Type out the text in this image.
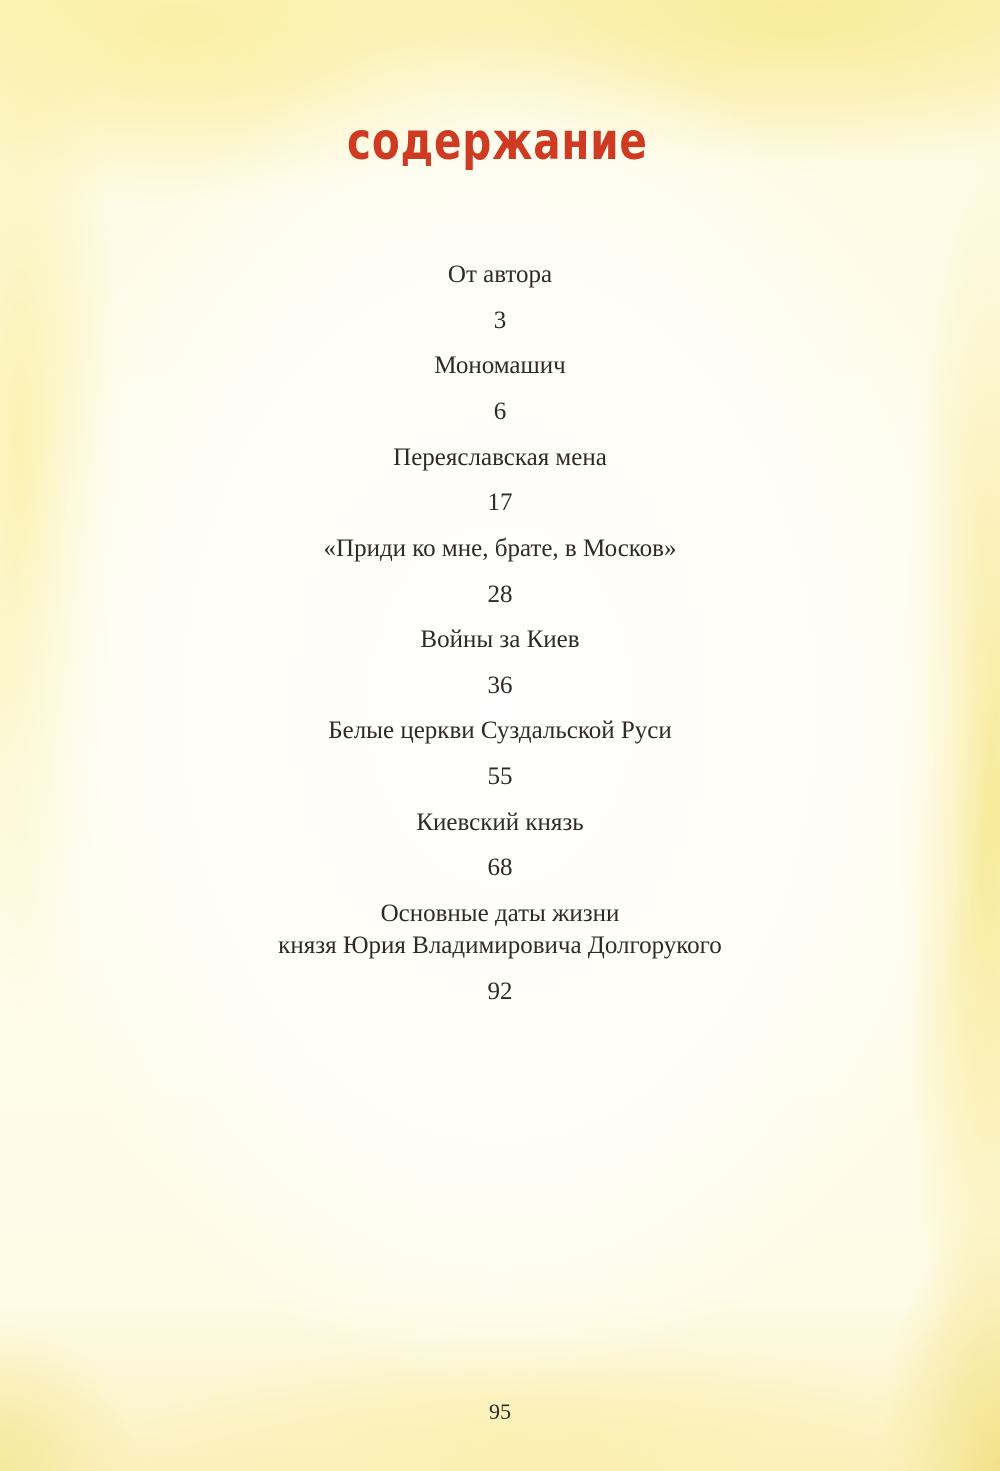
содержание
От автора
3
Мономашич
6
Переяславская мена
17
«Приди ко мне, брате, в Москов»
28
Войны за Киев
36
Белые церкви Суздальской Руси
55
Киевский князь
68
Основные даты жизни
князя Юрия Владимировича Долгорукого
92
95
